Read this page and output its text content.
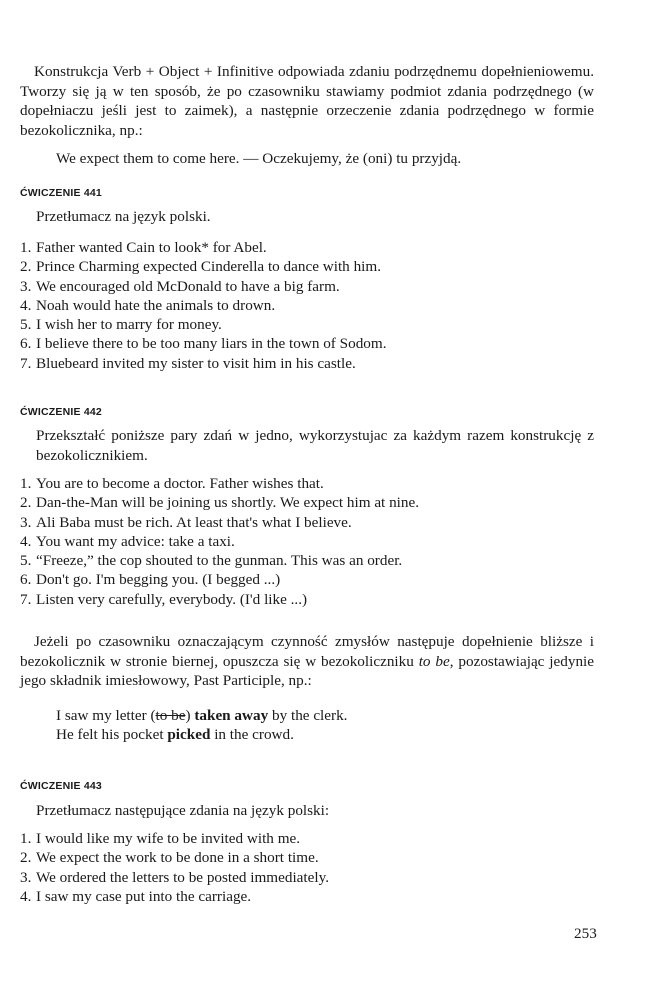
Konstrukcja Verb + Object + Infinitive odpowiada zdaniu podrzędnemu dopełnieniowemu. Tworzy się ją w ten sposób, że po czasowniku stawiamy podmiot zdania podrzędnego (w dopełniaczu jeśli jest to zaimek), a następnie orzeczenie zdania podrzędnego w formie bezokolicznika, np.:
We expect them to come here. — Oczekujemy, że (oni) tu przyjdą.
ĆWICZENIE 441
Przetłumacz na język polski.
1. Father wanted Cain to look* for Abel.
2. Prince Charming expected Cinderella to dance with him.
3. We encouraged old McDonald to have a big farm.
4. Noah would hate the animals to drown.
5. I wish her to marry for money.
6. I believe there to be too many liars in the town of Sodom.
7. Bluebeard invited my sister to visit him in his castle.
ĆWICZENIE 442
Przekształć poniższe pary zdań w jedno, wykorzystujac za każdym razem konstrukcję z bezokolicznikiem.
1. You are to become a doctor. Father wishes that.
2. Dan-the-Man will be joining us shortly. We expect him at nine.
3. Ali Baba must be rich. At least that's what I believe.
4. You want my advice: take a taxi.
5. “Freeze,” the cop shouted to the gunman. This was an order.
6. Don't go. I'm begging you. (I begged ...)
7. Listen very carefully, everybody. (I'd like ...)
Jeżeli po czasowniku oznaczającym czynność zmysłów następuje dopełnienie bliższe i bezokolicznik w stronie biernej, opuszcza się w bezokoliczniku to be, pozostawiając jedynie jego składnik imiesłowowy, Past Participle, np.:
I saw my letter (to be) taken away by the clerk.
He felt his pocket picked in the crowd.
ĆWICZENIE 443
Przetłumacz następujące zdania na język polski:
1. I would like my wife to be invited with me.
2. We expect the work to be done in a short time.
3. We ordered the letters to be posted immediately.
4. I saw my case put into the carriage.
253
